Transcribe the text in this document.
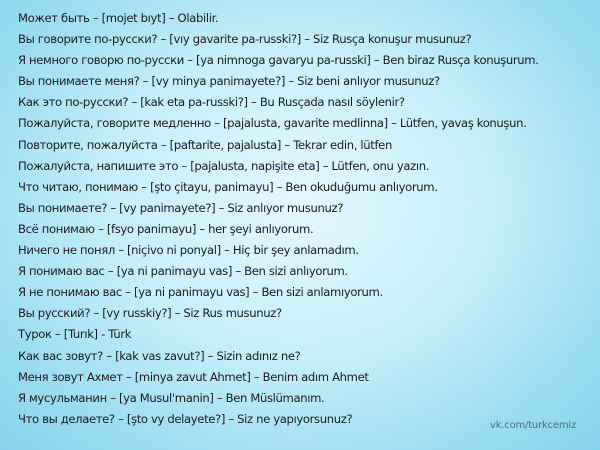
Может быть – [mojet bıyt] – Olabilir.
Вы говорите по-русски? – [vıy gavarite pa-russki?] – Siz Rusça konuşur musunuz?
Я немного говорю по-русски – [ya nimnoga gavaryu pa-russki] – Ben biraz Rusça konuşurum.
Вы понимаете меня? – [vy minya panimayete?] – Siz beni anlıyor musunuz?
Как это по-русски? – [kak eta pa-russki?] – Bu Rusçada nasıl söylenir?
Пожалуйста, говорите медленно – [pajalusta, gavarite medlinna] – Lütfen, yavaş konuşun.
Повторите, пожалуйста – [paftarite, pajalusta] – Tekrar edin, lütfen
Пожалуйста, напишите это – [pajalusta, napişite eta] – Lütfen, onu yazın.
Что читаю, понимаю – [şto çitayu, panimayu] – Ben okuduğumu anlıyorum.
Вы понимаете? – [vy panimayete?] – Siz anlıyor musunuz?
Всё понимаю – [fsyo panimayu] – her şeyi anlıyorum.
Ничего не понял – [niçivo ni ponyal] – Hiç bir şey anlamadım.
Я понимаю вас – [ya ni panimayu vas] – Ben sizi anlıyorum.
Я не понимаю вас – [ya ni panimayu vas] – Ben sizi anlamıyorum.
Вы русский? – [vy russkiy?] – Siz Rus musunuz?
Турок – [Turık] - Türk
Как вас зовут? – [kak vas zavut?] – Sizin adınız ne?
Меня зовут Ахмет – [minya zavut Ahmet] – Benim adım Ahmet
Я мусульманин – [ya Musul'manin] – Ben Müslümanım.
Что вы делаете? – [şto vy delayete?] – Siz ne yapıyorsunuz?	vk.com/turkcemiz
